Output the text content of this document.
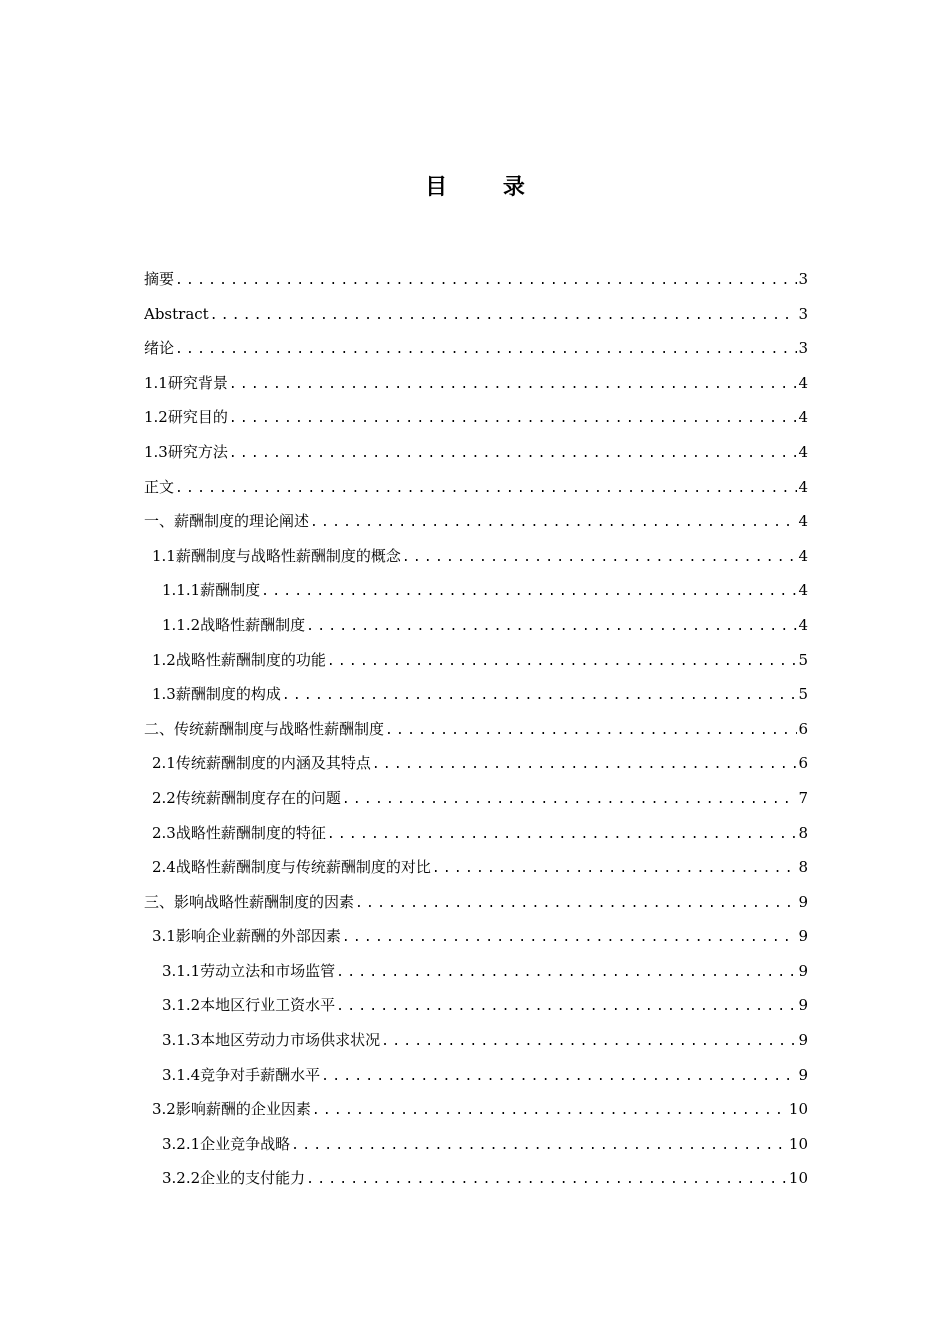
目 录
摘要 .....	3
Abstract .....	3
绪论 .....	3
1.1研究背景 .....	4
1.2研究目的 .....	4
1.3研究方法 .....	4
正文 .....	4
一、薪酬制度的理论阐述 .....	4
1.1薪酬制度与战略性薪酬制度的概念 .....	4
1.1.1薪酬制度 .....	4
1.1.2战略性薪酬制度 .....	4
1.2战略性薪酬制度的功能 .....	5
1.3薪酬制度的构成 .....	5
二、传统薪酬制度与战略性薪酬制度 .....	6
2.1传统薪酬制度的内涵及其特点 .....	6
2.2传统薪酬制度存在的问题 .....	7
2.3战略性薪酬制度的特征 .....	8
2.4战略性薪酬制度与传统薪酬制度的对比 .....	8
三、影响战略性薪酬制度的因素 .....	9
3.1影响企业薪酬的外部因素 .....	9
3.1.1劳动立法和市场监管 .....	9
3.1.2本地区行业工资水平 .....	9
3.1.3本地区劳动力市场供求状况 .....	9
3.1.4竞争对手薪酬水平 .....	9
3.2影响薪酬的企业因素 .....	10
3.2.1企业竞争战略 .....	10
3.2.2企业的支付能力 .....	10
